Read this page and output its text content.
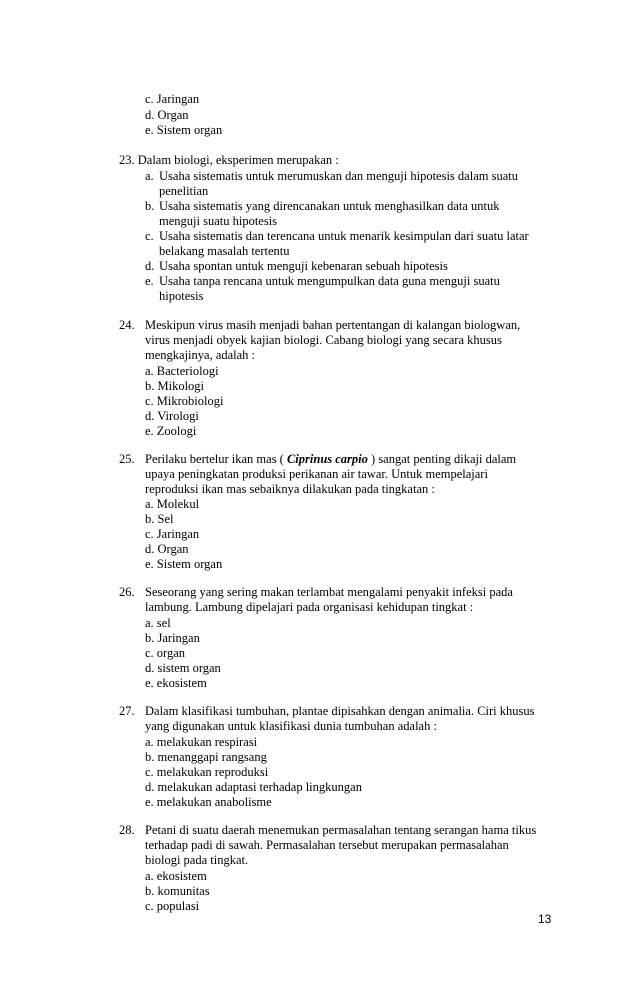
c. Jaringan
d. Organ
e. Sistem organ
23. Dalam biologi, eksperimen merupakan :
a. Usaha sistematis untuk merumuskan dan menguji hipotesis dalam suatu
penelitian
b. Usaha sistematis yang direncanakan untuk menghasilkan data untuk
menguji suatu hipotesis
c. Usaha sistematis dan terencana untuk menarik kesimpulan dari suatu latar
belakang masalah tertentu
d. Usaha spontan untuk menguji kebenaran sebuah hipotesis
e. Usaha tanpa rencana untuk mengumpulkan data guna menguji suatu
hipotesis
24. Meskipun virus masih menjadi bahan pertentangan di kalangan biologwan,
virus menjadi obyek kajian biologi. Cabang biologi yang secara khusus
mengkajinya, adalah :
a. Bacteriologi
b. Mikologi
c. Mikrobiologi
d. Virologi
e. Zoologi
25. Perilaku bertelur ikan mas ( Ciprinus carpio ) sangat penting dikaji dalam
upaya peningkatan produksi perikanan air tawar. Untuk mempelajari
reproduksi ikan mas sebaiknya dilakukan pada tingkatan :
a. Molekul
b. Sel
c. Jaringan
d. Organ
e. Sistem organ
26. Seseorang yang sering makan terlambat mengalami penyakit infeksi pada
lambung. Lambung dipelajari pada organisasi kehidupan tingkat :
a. sel
b. Jaringan
c. organ
d. sistem organ
e. ekosistem
27. Dalam klasifikasi tumbuhan, plantae dipisahkan dengan animalia. Ciri khusus
yang digunakan untuk klasifikasi dunia tumbuhan adalah :
a. melakukan respirasi
b. menanggapi rangsang
c. melakukan reproduksi
d. melakukan adaptasi terhadap lingkungan
e. melakukan anabolisme
28. Petani di suatu daerah menemukan permasalahan tentang serangan hama tikus
terhadap padi di sawah. Permasalahan tersebut merupakan permasalahan
biologi pada tingkat.
a. ekosistem
b. komunitas
c. populasi
13
